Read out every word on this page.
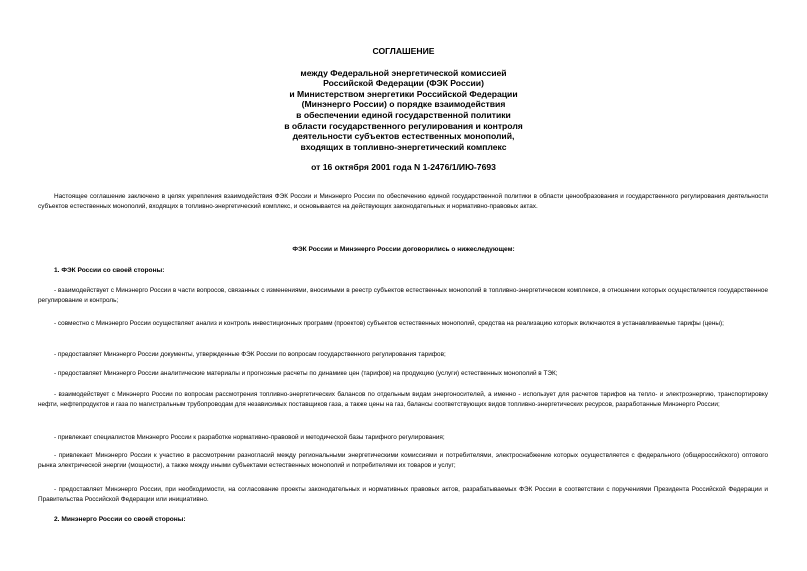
СОГЛАШЕНИЕ
между Федеральной энергетической комиссией
Российской Федерации (ФЭК России)
и Министерством энергетики Российской Федерации
(Минэнерго России) о порядке взаимодействия
в обеспечении единой государственной политики
в области государственного регулирования и контроля
деятельности субъектов естественных монополий,
входящих в топливно-энергетический комплекс
от 16 октября 2001 года N 1-2476/1/ИЮ-7693

Настоящее соглашение заключено в целях укрепления взаимодействия ФЭК России и Минэнерго России по обеспечению единой государственной политики в области ценообразования и государственного регулирования деятельности субъектов естественных монополий, входящих в топливно-энергетический комплекс, и основывается на действующих законодательных и нормативно-правовых актах.

ФЭК России и Минэнерго России договорились о нижеследующем:

1. ФЭК России со своей стороны:

- взаимодействует с Минэнерго России в части вопросов, связанных с изменениями, вносимыми в реестр субъектов естественных монополий в топливно-энергетическом комплексе, в отношении которых осуществляется государственное регулирование и контроль;

- совместно с Минэнерго России осуществляет анализ и контроль инвестиционных программ (проектов) субъектов естественных монополий, средства на реализацию которых включаются в устанавливаемые тарифы (цены);

- предоставляет Минэнерго России документы, утвержденные ФЭК России по вопросам государственного регулирования тарифов;

- предоставляет Минэнерго России аналитические материалы и прогнозные расчеты по динамике цен (тарифов) на продукцию (услуги) естественных монополий в ТЭК;

- взаимодействует с Минэнерго России по вопросам рассмотрения топливно-энергетических балансов по отдельным видам энергоносителей, а именно - использует для расчетов тарифов на тепло- и электроэнергию, транспортировку нефти, нефтепродуктов и газа по магистральным трубопроводам для независимых поставщиков газа, а также цены на газ, балансы соответствующих видов топливно-энергетических ресурсов, разработанные Минэнерго России;

- привлекает специалистов Минэнерго России к разработке нормативно-правовой и методической базы тарифного регулирования;

- привлекает Минэнерго России к участию в рассмотрении разногласий между региональными энергетическими комиссиями и потребителями, электроснабжение которых осуществляется с федерального (общероссийского) оптового рынка электрической энергии (мощности), а также между иными субъектами естественных монополий и потребителями их товаров и услуг;

- предоставляет Минэнерго России, при необходимости, на согласование проекты законодательных и нормативных правовых актов, разрабатываемых ФЭК России в соответствии с поручениями Президента Российской Федерации и Правительства Российской Федерации или инициативно.

2. Минэнерго России со своей стороны:
